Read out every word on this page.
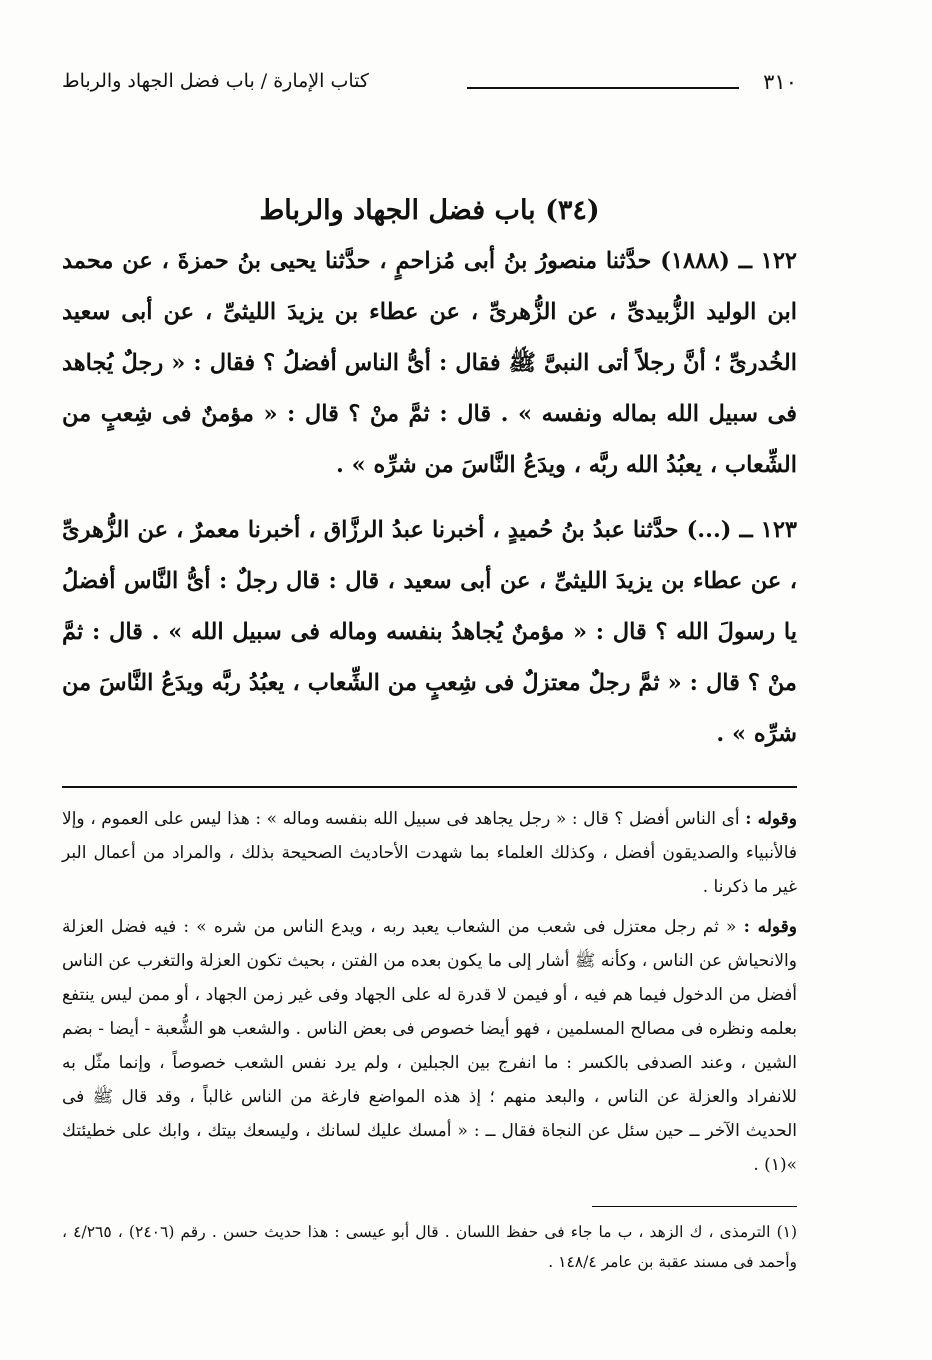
٣١٠
كتاب الإمارة / باب فضل الجهاد والرباط
(٣٤) باب فضل الجهاد والرباط

١٢٢ ــ (١٨٨٨) حدَّثنا منصورُ بنُ أبى مُزاحمٍ ، حدَّثنا يحيى بنُ حمزةَ ، عن محمد ابن الوليد الزُّبيدىِّ ، عن الزُّهرىِّ ، عن عطاء بن يزيدَ الليثىِّ ، عن أبى سعيد الخُدرىِّ ؛ أنَّ رجلاً أتى النبىَّ ﷺ فقال : أىُّ الناس أفضلُ ؟ فقال : « رجلٌ يُجاهد فى سبيل الله بماله ونفسه » . قال : ثمَّ منْ ؟ قال : « مؤمنٌ فى شِعبٍ من الشِّعاب ، يعبُدُ الله ربَّه ، ويدَعُ النَّاسَ من شرِّه » .

١٢٣ ــ (...) حدَّثنا عبدُ بنُ حُميدٍ ، أخبرنا عبدُ الرزَّاق ، أخبرنا معمرٌ ، عن الزُّهرىِّ ، عن عطاء بن يزيدَ الليثىِّ ، عن أبى سعيد ، قال : قال رجلٌ : أىُّ النَّاس أفضلُ يا رسولَ الله ؟ قال : « مؤمنٌ يُجاهدُ بنفسه وماله فى سبيل الله » . قال : ثمَّ منْ ؟ قال : « ثمَّ رجلٌ معتزلٌ فى شِعبٍ من الشِّعاب ، يعبُدُ ربَّه ويدَعُ النَّاسَ من شرِّه » .

وقوله : أى الناس أفضل ؟ قال : « رجل يجاهد فى سبيل الله بنفسه وماله » : هذا ليس على العموم ، وإلا فالأنبياء والصديقون أفضل ، وكذلك العلماء بما شهدت الأحاديث الصحيحة بذلك ، والمراد من أعمال البر غير ما ذكرنا .

وقوله : « ثم رجل معتزل فى شعب من الشعاب يعبد ربه ، ويدع الناس من شره » : فيه فضل العزلة والانحياش عن الناس ، وكأنه ﷺ أشار إلى ما يكون بعده من الفتن ، بحيث تكون العزلة والتغرب عن الناس أفضل من الدخول فيما هم فيه ، أو فيمن لا قدرة له على الجهاد وفى غير زمن الجهاد ، أو ممن ليس ينتفع بعلمه ونظره فى مصالح المسلمين ، فهو أيضا خصوص فى بعض الناس . والشعب هو الشُّعبة - أيضا - بضم الشين ، وعند الصدفى بالكسر : ما انفرج بين الجبلين ، ولم يرد نفس الشعب خصوصاً ، وإنما مثّل به للانفراد والعزلة عن الناس ، والبعد منهم ؛ إذ هذه المواضع فارغة من الناس غالباً ، وقد قال ﷺ فى الحديث الآخر ــ حين سئل عن النجاة فقال ــ : « أمسك عليك لسانك ، وليسعك بيتك ، وابك على خطيئتك »(١) .

(١) الترمذى ، ك الزهد ، ب ما جاء فى حفظ اللسان . قال أبو عيسى : هذا حديث حسن . رقم (٢٤٠٦) ، ٤/٢٦٥ ، وأحمد فى مسند عقبة بن عامر ١٤٨/٤ .
